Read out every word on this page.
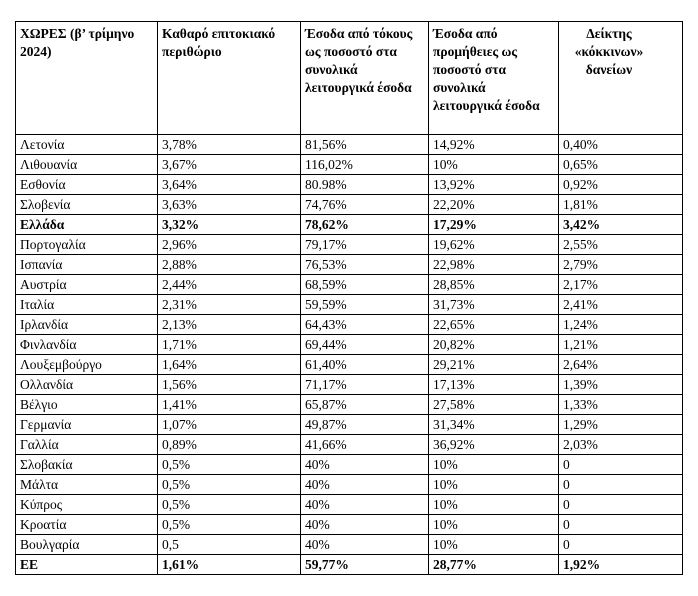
ΧΩΡΕΣ (β’ τρίμηνο 2024)	Καθαρό επιτοκιακό περιθώριο	Έσοδα από τόκους ως ποσοστό στα συνολικά λειτουργικά έσοδα	Έσοδα από προμήθειες ως ποσοστό στα συνολικά λειτουργικά έσοδα	Δείκτης «κόκκινων» δανείων

Λετονία	3,78%	81,56%	14,92%	0,40%
Λιθουανία	3,67%	116,02%	10%	0,65%
Εσθονία	3,64%	80.98%	13,92%	0,92%
Σλοβενία	3,63%	74,76%	22,20%	1,81%
Ελλάδα	3,32%	78,62%	17,29%	3,42%
Πορτογαλία	2,96%	79,17%	19,62%	2,55%
Ισπανία	2,88%	76,53%	22,98%	2,79%
Αυστρία	2,44%	68,59%	28,85%	2,17%
Ιταλία	2,31%	59,59%	31,73%	2,41%
Ιρλανδία	2,13%	64,43%	22,65%	1,24%
Φινλανδία	1,71%	69,44%	20,82%	1,21%
Λουξεμβούργο	1,64%	61,40%	29,21%	2,64%
Ολλανδία	1,56%	71,17%	17,13%	1,39%
Βέλγιο	1,41%	65,87%	27,58%	1,33%
Γερμανία	1,07%	49,87%	31,34%	1,29%
Γαλλία	0,89%	41,66%	36,92%	2,03%
Σλοβακία	0,5%	40%	10%	0
Μάλτα	0,5%	40%	10%	0
Κύπρος	0,5%	40%	10%	0
Κροατία	0,5%	40%	10%	0
Βουλγαρία	0,5	40%	10%	0
ΕΕ	1,61%	59,77%	28,77%	1,92%
